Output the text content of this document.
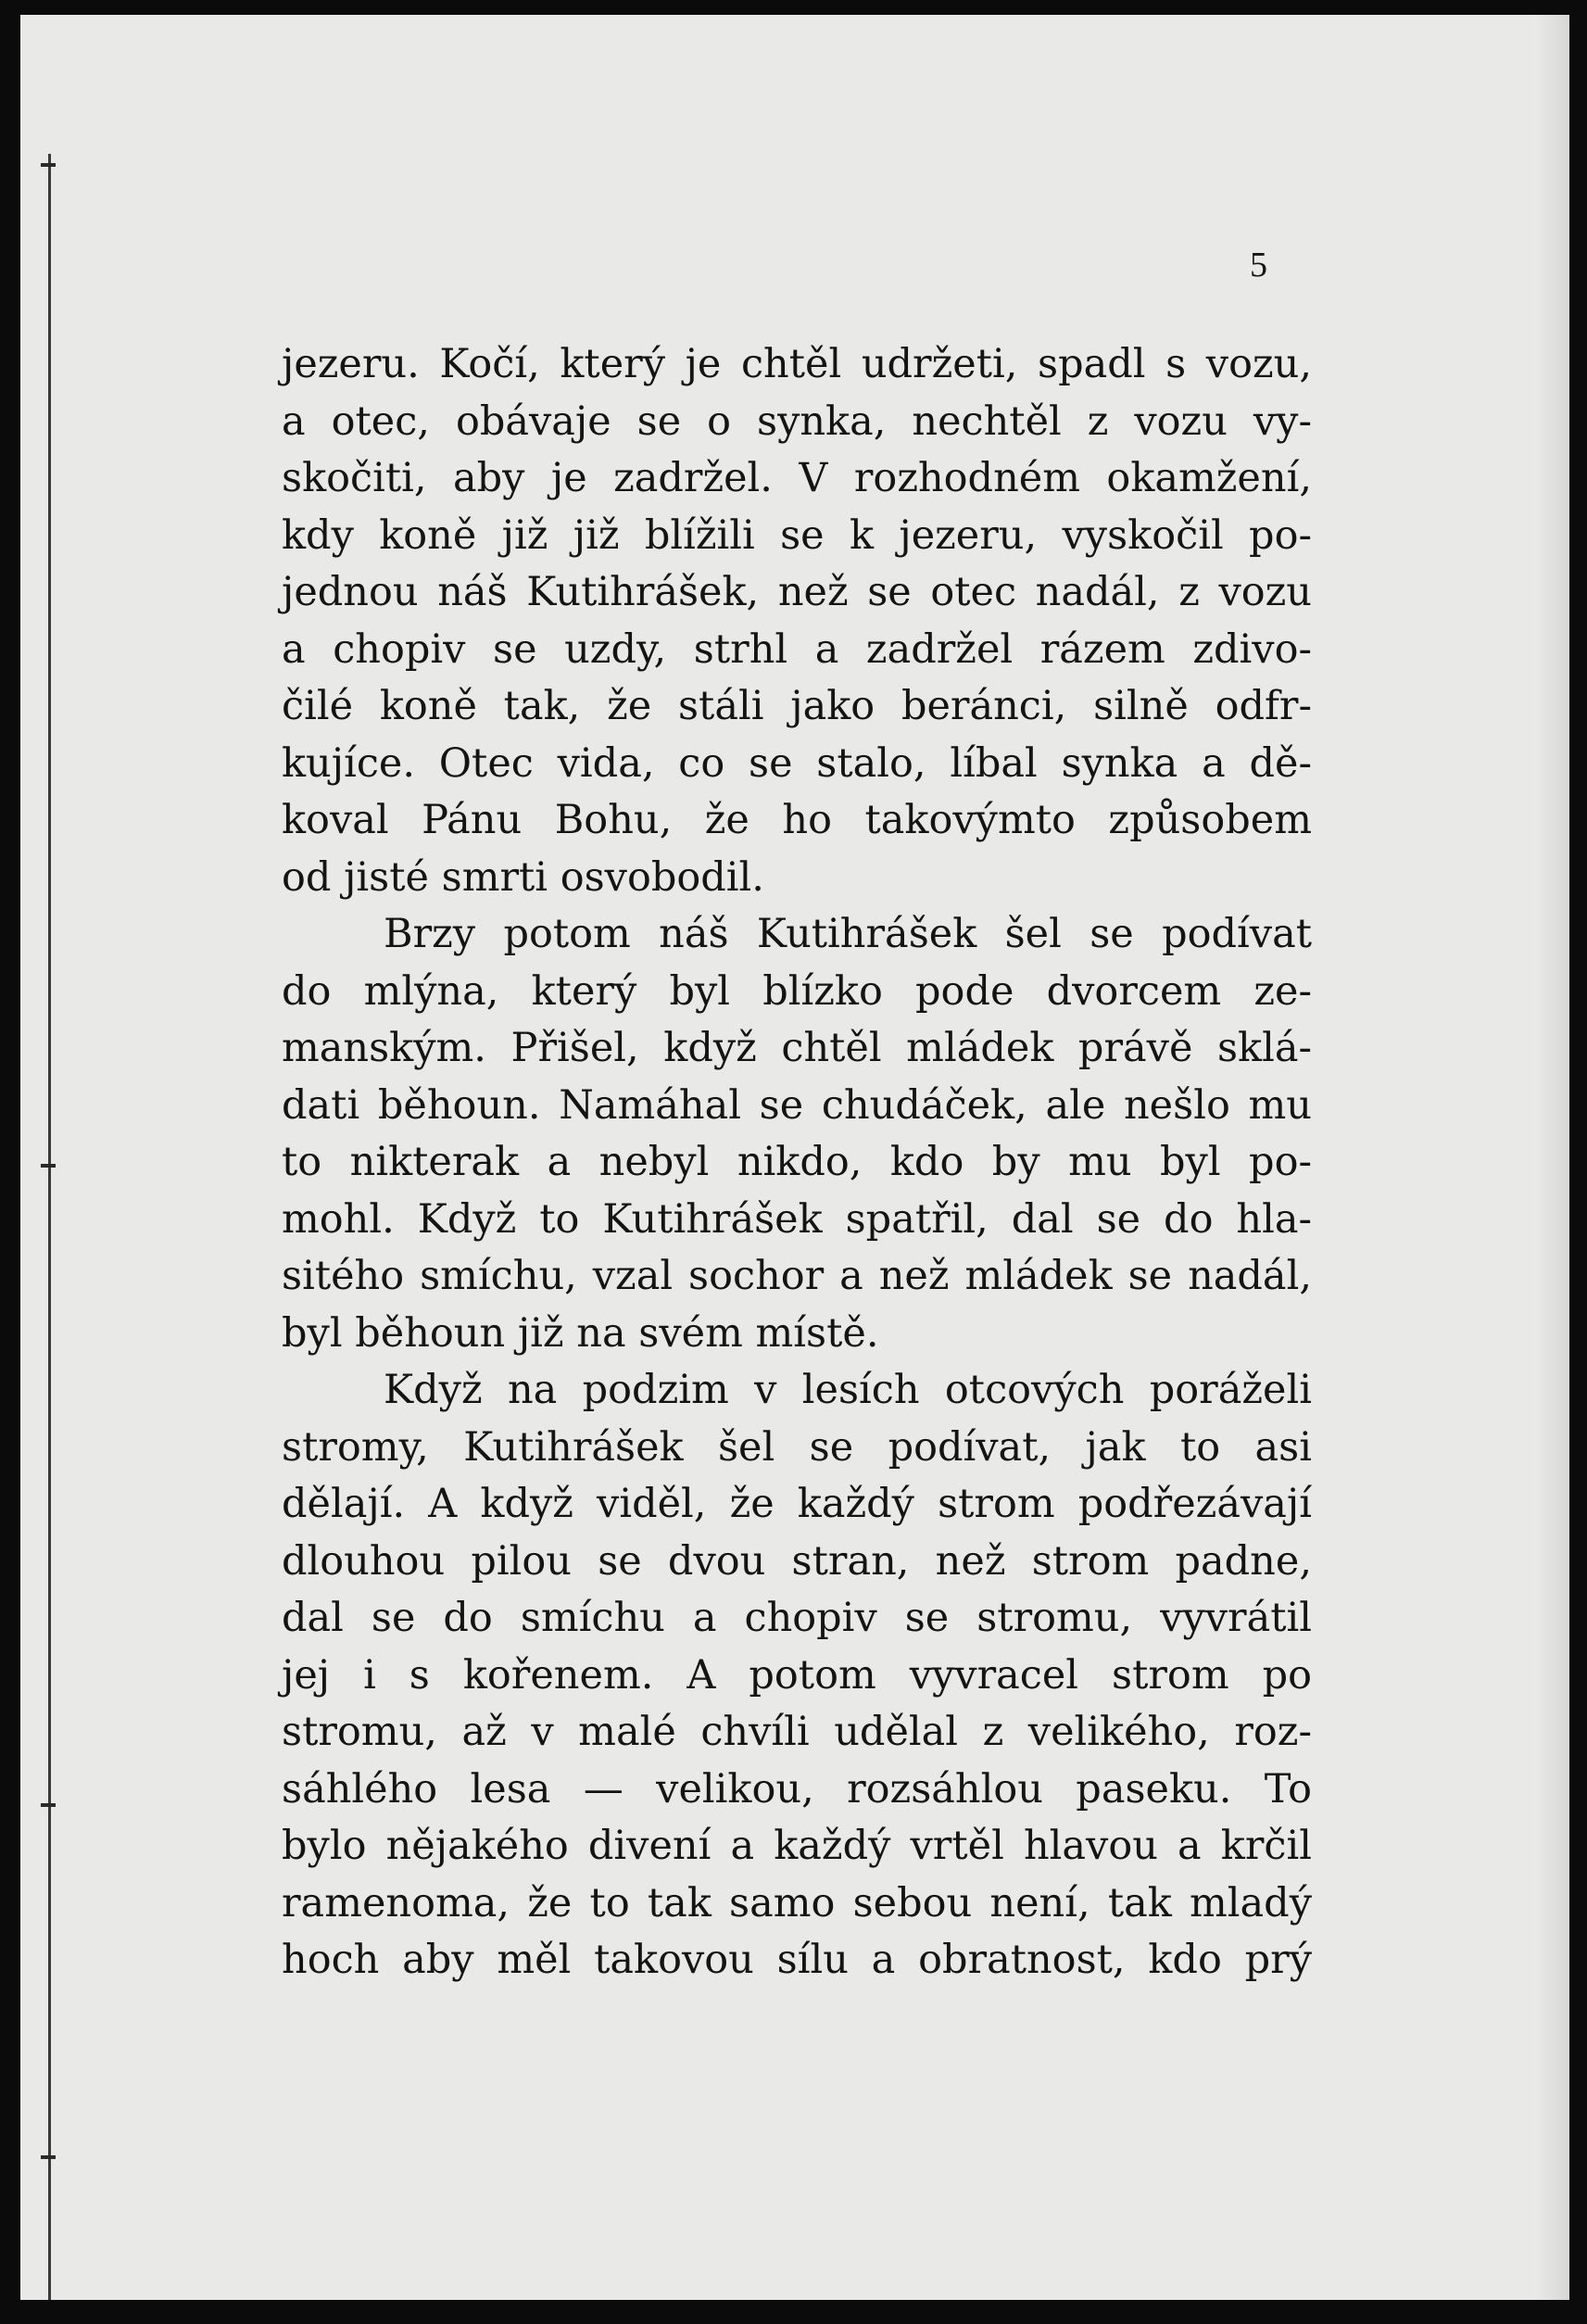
5
jezeru. Kočí, který je chtěl udržeti, spadl s vozu,
a otec, obávaje se o synka, nechtěl z vozu vy-
skočiti, aby je zadržel. V rozhodném okamžení,
kdy koně již již blížili se k jezeru, vyskočil po-
jednou náš Kutihrášek, než se otec nadál, z vozu
a chopiv se uzdy, strhl a zadržel rázem zdivo-
čilé koně tak, že stáli jako beránci, silně odfr-
kujíce. Otec vida, co se stalo, líbal synka a dě-
koval Pánu Bohu, že ho takovýmto způsobem
od jisté smrti osvobodil.
Brzy potom náš Kutihrášek šel se podívat
do mlýna, který byl blízko pode dvorcem ze-
manským. Přišel, když chtěl mládek právě sklá-
dati běhoun. Namáhal se chudáček, ale nešlo mu
to nikterak a nebyl nikdo, kdo by mu byl po-
mohl. Když to Kutihrášek spatřil, dal se do hla-
sitého smíchu, vzal sochor a než mládek se nadál,
byl běhoun již na svém místě.
Když na podzim v lesích otcových poráželi
stromy, Kutihrášek šel se podívat, jak to asi
dělají. A když viděl, že každý strom podřezávají
dlouhou pilou se dvou stran, než strom padne,
dal se do smíchu a chopiv se stromu, vyvrátil
jej i s kořenem. A potom vyvracel strom po
stromu, až v malé chvíli udělal z velikého, roz-
sáhlého lesa — velikou, rozsáhlou paseku. To
bylo nějakého divení a každý vrtěl hlavou a krčil
ramenoma, že to tak samo sebou není, tak mladý
hoch aby měl takovou sílu a obratnost, kdo prý
